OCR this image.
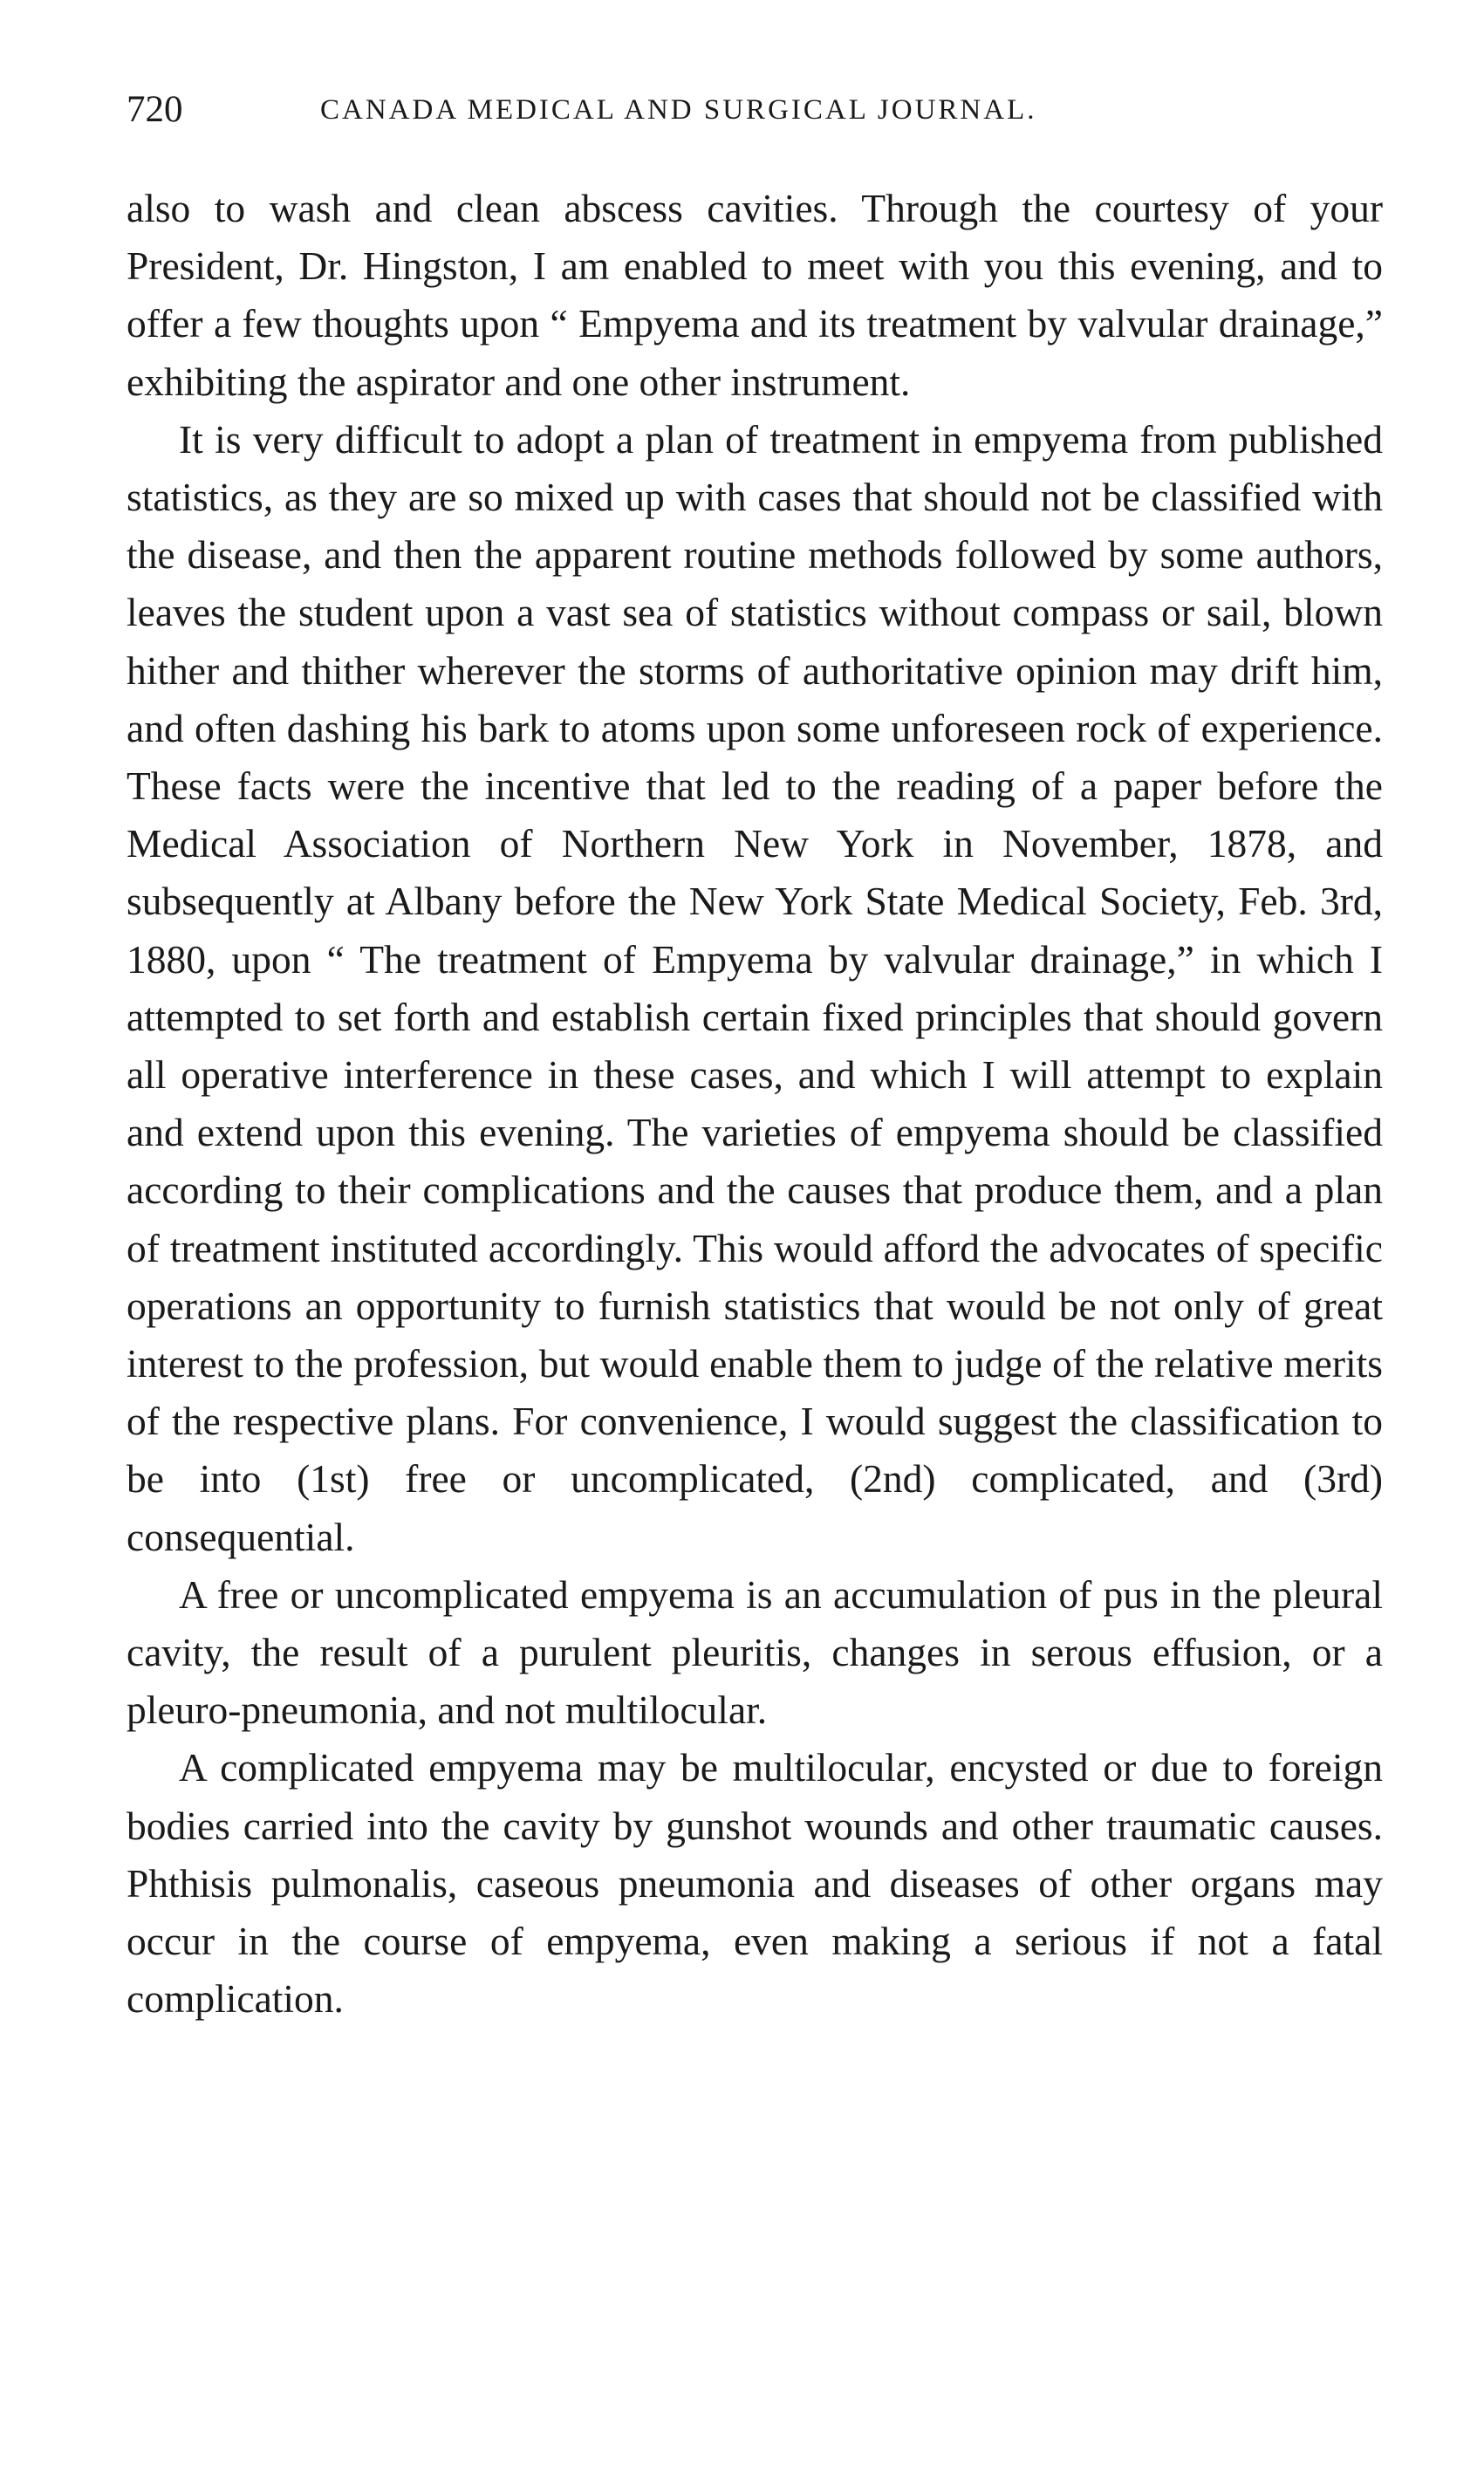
720	CANADA MEDICAL AND SURGICAL JOURNAL.

also to wash and clean abscess cavities. Through the courtesy of your President, Dr. Hingston, I am enabled to meet with you this evening, and to offer a few thoughts upon “ Empyema and its treatment by valvular drainage,” exhibiting the aspirator and one other instrument.

It is very difficult to adopt a plan of treatment in empyema from published statistics, as they are so mixed up with cases that should not be classified with the disease, and then the apparent routine methods followed by some authors, leaves the student upon a vast sea of statistics without compass or sail, blown hither and thither wherever the storms of authoritative opinion may drift him, and often dashing his bark to atoms upon some unforeseen rock of experience. These facts were the incentive that led to the reading of a paper before the Medical Association of Northern New York in November, 1878, and subsequently at Albany before the New York State Medical Society, Feb. 3rd, 1880, upon “ The treatment of Empyema by valvular drainage,” in which I attempted to set forth and establish certain fixed principles that should govern all operative interference in these cases, and which I will attempt to explain and extend upon this evening. The varieties of empyema should be classified according to their complications and the causes that produce them, and a plan of treatment instituted accordingly. This would afford the advocates of specific operations an opportunity to furnish statistics that would be not only of great interest to the profession, but would enable them to judge of the relative merits of the respective plans. For convenience, I would suggest the classification to be into (1st) free or uncomplicated, (2nd) complicated, and (3rd) consequential.

A free or uncomplicated empyema is an accumulation of pus in the pleural cavity, the result of a purulent pleuritis, changes in serous effusion, or a pleuro-pneumonia, and not multilocular.

A complicated empyema may be multilocular, encysted or due to foreign bodies carried into the cavity by gunshot wounds and other traumatic causes. Phthisis pulmonalis, caseous pneumonia and diseases of other organs may occur in the course of empyema, even making a serious if not a fatal complication.
